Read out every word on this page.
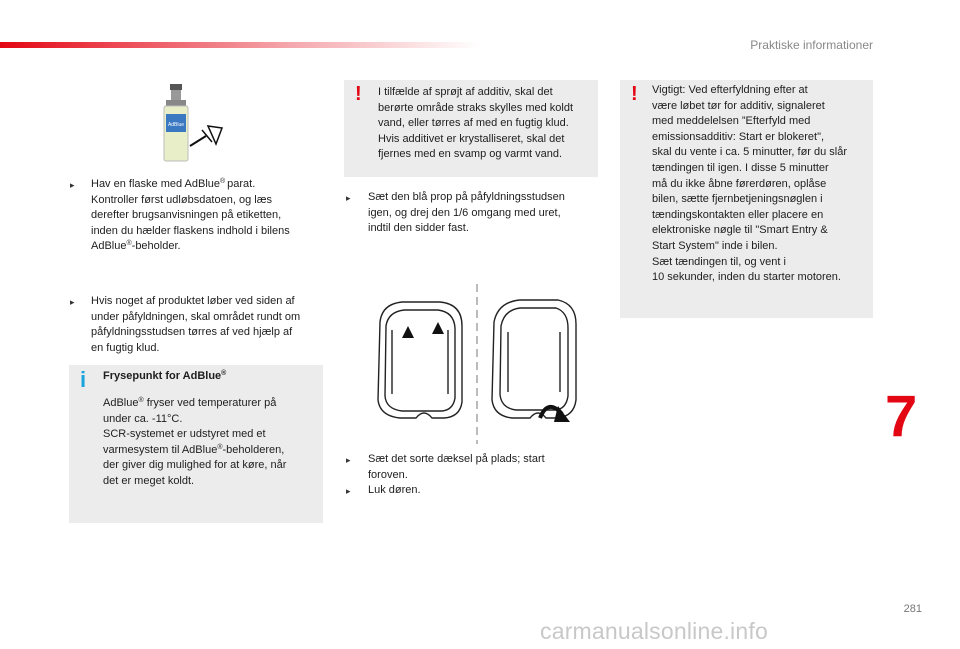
Praktiske informationer
AdBlue
▸ Hav en flaske med AdBlue® parat.
Kontroller først udløbsdatoen, og læs
derefter brugsanvisningen på etiketten,
inden du hælder flaskens indhold i bilens
AdBlue®-beholder.
▸ Hvis noget af produktet løber ved siden af
under påfyldningen, skal området rundt om
påfyldningsstudsen tørres af ved hjælp af
en fugtig klud.
i Frysepunkt for AdBlue®
AdBlue® fryser ved temperaturer på
under ca. -11°C.
SCR-systemet er udstyret med et
varmesystem til AdBlue®-beholderen,
der giver dig mulighed for at køre, når
det er meget koldt.
! I tilfælde af sprøjt af additiv, skal det
berørte område straks skylles med koldt
vand, eller tørres af med en fugtig klud.
Hvis additivet er krystalliseret, skal det
fjernes med en svamp og varmt vand.
▸ Sæt den blå prop på påfyldningsstudsen
igen, og drej den 1/6 omgang med uret,
indtil den sidder fast.
▸ Sæt det sorte dæksel på plads; start
foroven.
▸ Luk døren.
! Vigtigt: Ved efterfyldning efter at
være løbet tør for additiv, signaleret
med meddelelsen ”Efterfyld med
emissionsadditiv: Start er blokeret",
skal du vente i ca. 5 minutter, før du slår
tændingen til igen. I disse 5 minutter
må du ikke åbne førerdøren, oplåse
bilen, sætte fjernbetjeningsnøglen i
tændingskontakten eller placere en
elektroniske nøgle til "Smart Entry &
Start System" inde i bilen.
Sæt tændingen til, og vent i
10 sekunder, inden du starter motoren.
7
281
carmanualsonline.info
